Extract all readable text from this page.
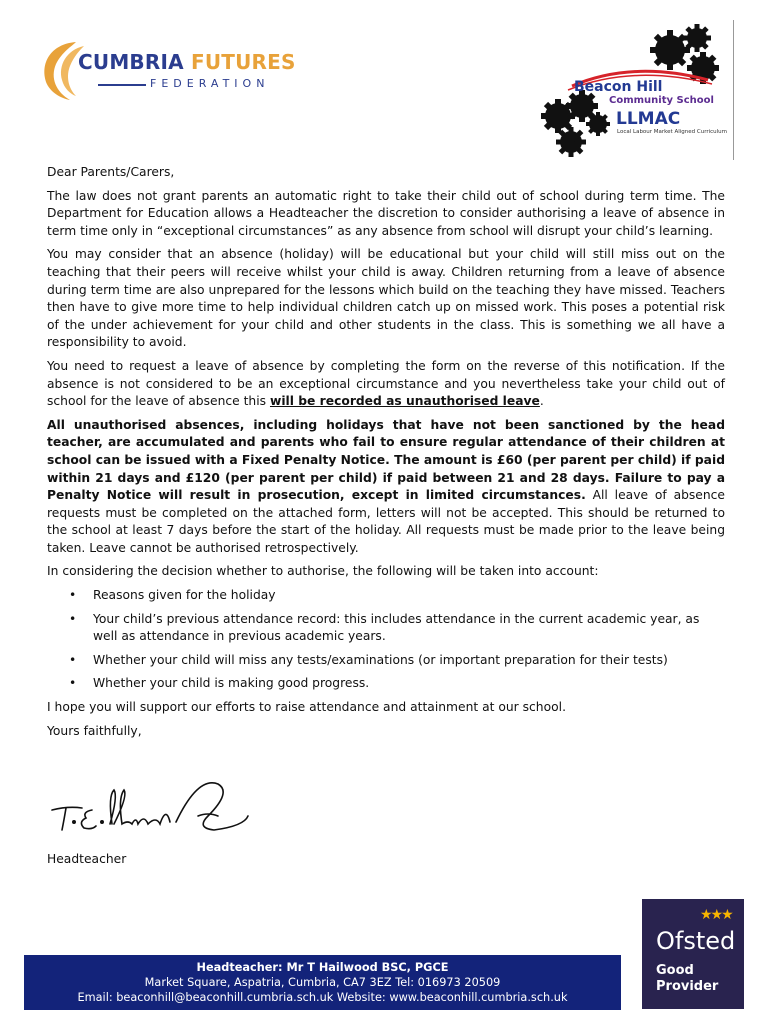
CUMBRIA FUTURES
FEDERATION	Beacon Hill
Community School
LLMAC
Local Labour Market Aligned Curriculum

Dear Parents/Carers,

The law does not grant parents an automatic right to take their child out of school during term time. The Department for Education allows a Headteacher the discretion to consider authorising a leave of absence in term time only in “exceptional circumstances” as any absence from school will disrupt your child’s learning.

You may consider that an absence (holiday) will be educational but your child will still miss out on the teaching that their peers will receive whilst your child is away. Children returning from a leave of absence during term time are also unprepared for the lessons which build on the teaching they have missed. Teachers then have to give more time to help individual children catch up on missed work. This poses a potential risk of the under achievement for your child and other students in the class. This is something we all have a responsibility to avoid.

You need to request a leave of absence by completing the form on the reverse of this notification. If the absence is not considered to be an exceptional circumstance and you nevertheless take your child out of school for the leave of absence this will be recorded as unauthorised leave.

All unauthorised absences, including holidays that have not been sanctioned by the head teacher, are accumulated and parents who fail to ensure regular attendance of their children at school can be issued with a Fixed Penalty Notice. The amount is £60 (per parent per child) if paid within 21 days and £120 (per parent per child) if paid between 21 and 28 days. Failure to pay a Penalty Notice will result in prosecution, except in limited circumstances. All leave of absence requests must be completed on the attached form, letters will not be accepted. This should be returned to the school at least 7 days before the start of the holiday. All requests must be made prior to the leave being taken. Leave cannot be authorised retrospectively.

In considering the decision whether to authorise, the following will be taken into account:

• Reasons given for the holiday
• Your child’s previous attendance record: this includes attendance in the current academic year, as well as attendance in previous academic years.
• Whether your child will miss any tests/examinations (or important preparation for their tests)
• Whether your child is making good progress.

I hope you will support our efforts to raise attendance and attainment at our school.

Yours faithfully,

Headteacher
Headteacher: Mr T Hailwood BSC, PGCE
Market Square, Aspatria, Cumbria, CA7 3EZ Tel: 016973 20509
Email: beaconhill@beaconhill.cumbria.sch.uk Website: www.beaconhill.cumbria.sch.uk
★★★
Ofsted
Good
Provider
